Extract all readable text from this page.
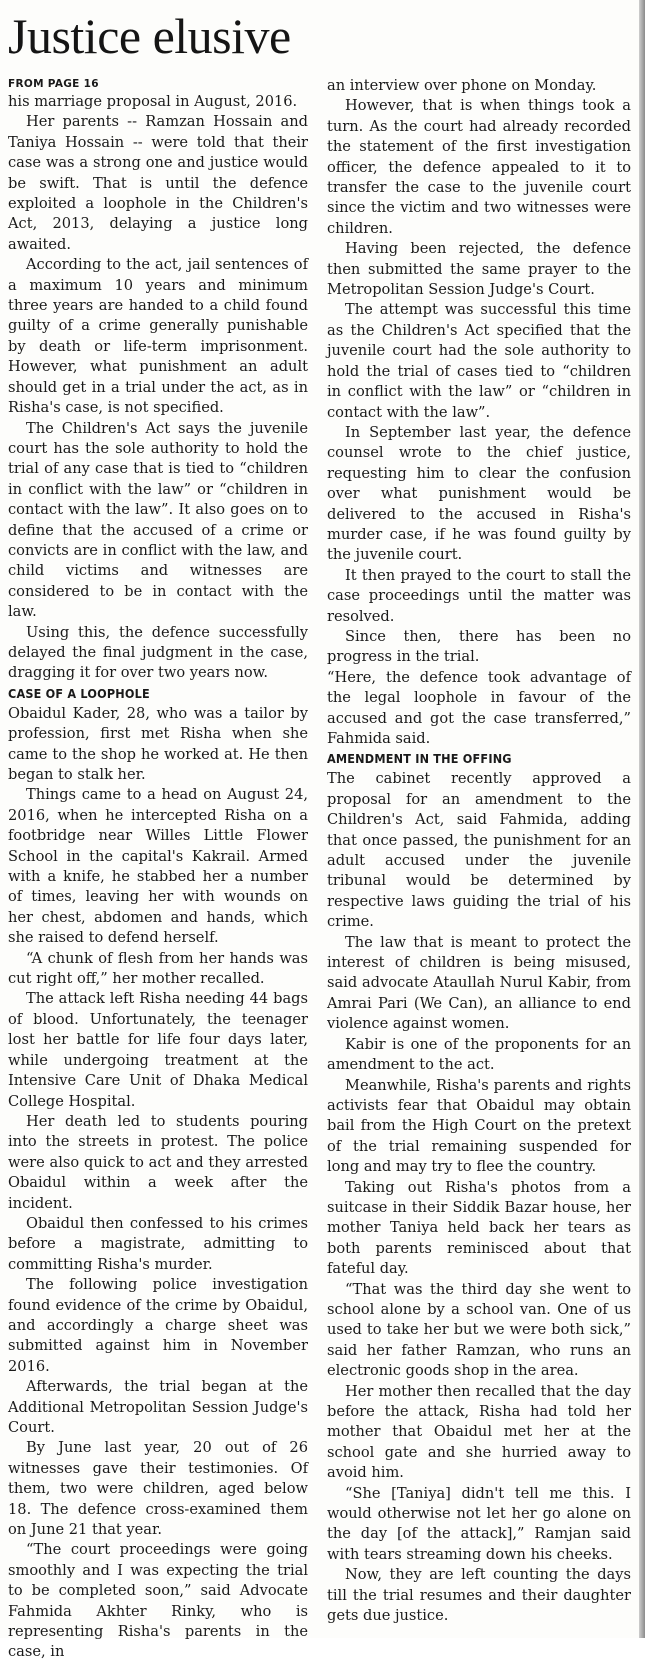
Justice elusive
FROM PAGE 16

his marriage proposal in August, 2016.

Her parents -- Ramzan Hossain and Taniya Hossain -- were told that their case was a strong one and justice would be swift. That is until the defence exploited a loophole in the Children's Act, 2013, delaying a justice long awaited.

According to the act, jail sentences of a maximum 10 years and minimum three years are handed to a child found guilty of a crime generally punishable by death or life-term imprisonment. However, what punishment an adult should get in a trial under the act, as in Risha's case, is not specified.

The Children's Act says the juvenile court has the sole authority to hold the trial of any case that is tied to “children in conflict with the law” or “children in contact with the law”. It also goes on to define that the accused of a crime or convicts are in conflict with the law, and child victims and witnesses are considered to be in contact with the law.

Using this, the defence successfully delayed the final judgment in the case, dragging it for over two years now.

CASE OF A LOOPHOLE

Obaidul Kader, 28, who was a tailor by profession, first met Risha when she came to the shop he worked at. He then began to stalk her.

Things came to a head on August 24, 2016, when he intercepted Risha on a footbridge near Willes Little Flower School in the capital's Kakrail. Armed with a knife, he stabbed her a number of times, leaving her with wounds on her chest, abdomen and hands, which she raised to defend herself.

“A chunk of flesh from her hands was cut right off,” her mother recalled.

The attack left Risha needing 44 bags of blood. Unfortunately, the teenager lost her battle for life four days later, while undergoing treatment at the Intensive Care Unit of Dhaka Medical College Hospital.

Her death led to students pouring into the streets in protest. The police were also quick to act and they arrested Obaidul within a week after the incident.

Obaidul then confessed to his crimes before a magistrate, admitting to committing Risha's murder.

The following police investigation found evidence of the crime by Obaidul, and accordingly a charge sheet was submitted against him in November 2016.

Afterwards, the trial began at the Additional Metropolitan Session Judge's Court.

By June last year, 20 out of 26 witnesses gave their testimonies. Of them, two were children, aged below 18. The defence cross-examined them on June 21 that year.

“The court proceedings were going smoothly and I was expecting the trial to be completed soon,” said Advocate Fahmida Akhter Rinky, who is representing Risha's parents in the case, in

an interview over phone on Monday.

However, that is when things took a turn. As the court had already recorded the statement of the first investigation officer, the defence appealed to it to transfer the case to the juvenile court since the victim and two witnesses were children.

Having been rejected, the defence then submitted the same prayer to the Metropolitan Session Judge's Court.

The attempt was successful this time as the Children's Act specified that the juvenile court had the sole authority to hold the trial of cases tied to “children in conflict with the law” or “children in contact with the law”.

In September last year, the defence counsel wrote to the chief justice, requesting him to clear the confusion over what punishment would be delivered to the accused in Risha's murder case, if he was found guilty by the juvenile court.

It then prayed to the court to stall the case proceedings until the matter was resolved.

Since then, there has been no progress in the trial.

“Here, the defence took advantage of the legal loophole in favour of the accused and got the case transferred,” Fahmida said.

AMENDMENT IN THE OFFING

The cabinet recently approved a proposal for an amendment to the Children's Act, said Fahmida, adding that once passed, the punishment for an adult accused under the juvenile tribunal would be determined by respective laws guiding the trial of his crime.

The law that is meant to protect the interest of children is being misused, said advocate Ataullah Nurul Kabir, from Amrai Pari (We Can), an alliance to end violence against women.

Kabir is one of the proponents for an amendment to the act.

Meanwhile, Risha's parents and rights activists fear that Obaidul may obtain bail from the High Court on the pretext of the trial remaining suspended for long and may try to flee the country.

Taking out Risha's photos from a suitcase in their Siddik Bazar house, her mother Taniya held back her tears as both parents reminisced about that fateful day.

“That was the third day she went to school alone by a school van. One of us used to take her but we were both sick,” said her father Ramzan, who runs an electronic goods shop in the area.

Her mother then recalled that the day before the attack, Risha had told her mother that Obaidul met her at the school gate and she hurried away to avoid him.

“She [Taniya] didn't tell me this. I would otherwise not let her go alone on the day [of the attack],” Ramjan said with tears streaming down his cheeks.

Now, they are left counting the days till the trial resumes and their daughter gets due justice.
